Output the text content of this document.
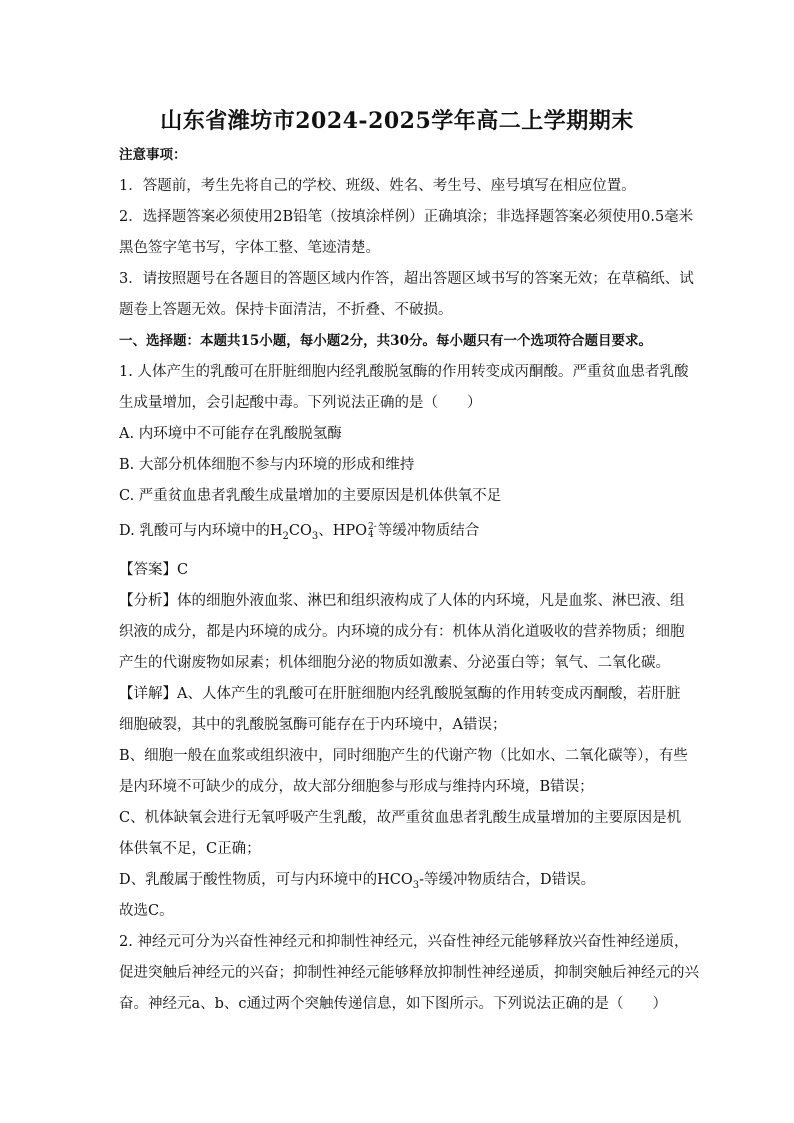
山东省潍坊市2024-2025学年高二上学期期末
注意事项：
1．答题前，考生先将自己的学校、班级、姓名、考生号、座号填写在相应位置。
2．选择题答案必须使用2B铅笔（按填涂样例）正确填涂；非选择题答案必须使用0.5毫米
黑色签字笔书写，字体工整、笔迹清楚。
3．请按照题号在各题目的答题区域内作答，超出答题区域书写的答案无效；在草稿纸、试
题卷上答题无效。保持卡面清洁，不折叠、不破损。
一、选择题：本题共15小题，每小题2分，共30分。每小题只有一个选项符合题目要求。
1. 人体产生的乳酸可在肝脏细胞内经乳酸脱氢酶的作用转变成丙酮酸。严重贫血患者乳酸
生成量增加，会引起酸中毒。下列说法正确的是（　　）
A. 内环境中不可能存在乳酸脱氢酶
B. 大部分机体细胞不参与内环境的形成和维持
C. 严重贫血患者乳酸生成量增加的主要原因是机体供氧不足
D. 乳酸可与内环境中的$H_2CO_3$、HPO 2-
4 等缓冲物质结合
【答案】C
【分析】体的细胞外液血浆、淋巴和组织液构成了人体的内环境，凡是血浆、淋巴液、组
织液的成分，都是内环境的成分。内环境的成分有：机体从消化道吸收的营养物质；细胞
产生的代谢废物如尿素；机体细胞分泌的物质如激素、分泌蛋白等；氧气、二氧化碳。
【详解】A、人体产生的乳酸可在肝脏细胞内经乳酸脱氢酶的作用转变成丙酮酸，若肝脏
细胞破裂，其中的乳酸脱氢酶可能存在于内环境中，A错误；
B、细胞一般在血浆或组织液中，同时细胞产生的代谢产物（比如水、二氧化碳等），有些
是内环境不可缺少的成分，故大部分细胞参与形成与维持内环境，B错误；
C、机体缺氧会进行无氧呼吸产生乳酸，故严重贫血患者乳酸生成量增加的主要原因是机
体供氧不足，C正确；
D、乳酸属于酸性物质，可与内环境中的$HCO_3-$等缓冲物质结合，D错误。
故选C。
2. 神经元可分为兴奋性神经元和抑制性神经元，兴奋性神经元能够释放兴奋性神经递质，
促进突触后神经元的兴奋；抑制性神经元能够释放抑制性神经递质，抑制突触后神经元的兴
奋。神经元a、b、c通过两个突触传递信息，如下图所示。下列说法正确的是（　　）
